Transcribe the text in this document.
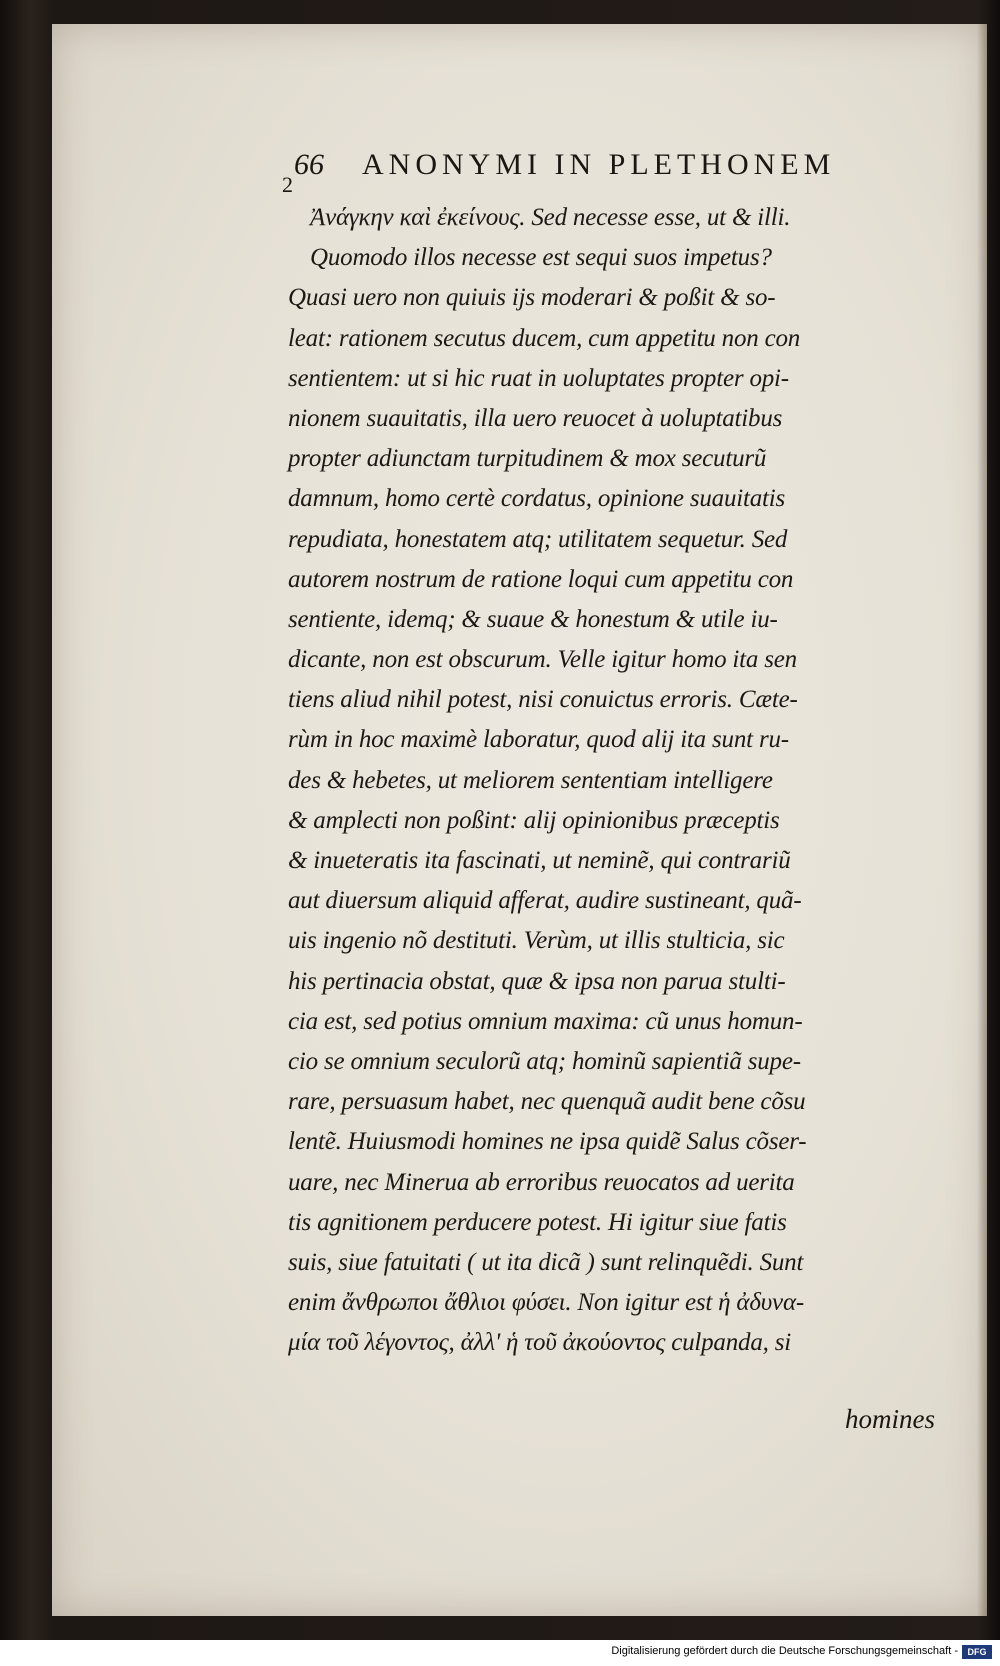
66
2
ANONYMI IN PLETHONEM
Ἀνάγκην καὶ ἐκείνους. Sed necesse esse, ut & illi.
Quomodo illos necesse est sequi suos impetus?
Quasi uero non quiuis ijs moderari & poßit & so-
leat: rationem secutus ducem, cum appetitu non con
sentientem: ut si hic ruat in uoluptates propter opi-
nionem suauitatis, illa uero reuocet à uoluptatibus
propter adiunctam turpitudinem & mox secuturũ
damnum, homo certè cordatus, opinione suauitatis
repudiata, honestatem atq; utilitatem sequetur. Sed
autorem nostrum de ratione loqui cum appetitu con
sentiente, idemq; & suaue & honestum & utile iu-
dicante, non est obscurum. Velle igitur homo ita sen
tiens aliud nihil potest, nisi conuictus erroris. Cæte-
rùm in hoc maximè laboratur, quod alij ita sunt ru-
des & hebetes, ut meliorem sententiam intelligere
& amplecti non poßint: alij opinionibus præceptis
& inueteratis ita fascinati, ut neminẽ, qui contrariũ
aut diuersum aliquid afferat, audire sustineant, quã-
uis ingenio nõ destituti. Verùm, ut illis stulticia, sic
his pertinacia obstat, quæ & ipsa non parua stulti-
cia est, sed potius omnium maxima: cũ unus homun-
cio se omnium seculorũ atq; hominũ sapientiã supe-
rare, persuasum habet, nec quenquã audit bene cõsu
lentẽ. Huiusmodi homines ne ipsa quidẽ Salus cõser-
uare, nec Minerua ab erroribus reuocatos ad uerita
tis agnitionem perducere potest. Hi igitur siue fatis
suis, siue fatuitati ( ut ita dicã ) sunt relinquẽdi. Sunt
enim ἄνθρωποι ἄθλιοι φύσει. Non igitur est ἡ ἀδυνα-
μία τοῦ λέγοντος, ἀλλ' ἡ τοῦ ἀκούοντος culpanda, si
homines
Digitalisierung gefördert durch die Deutsche Forschungsgemeinschaft -	DFG
